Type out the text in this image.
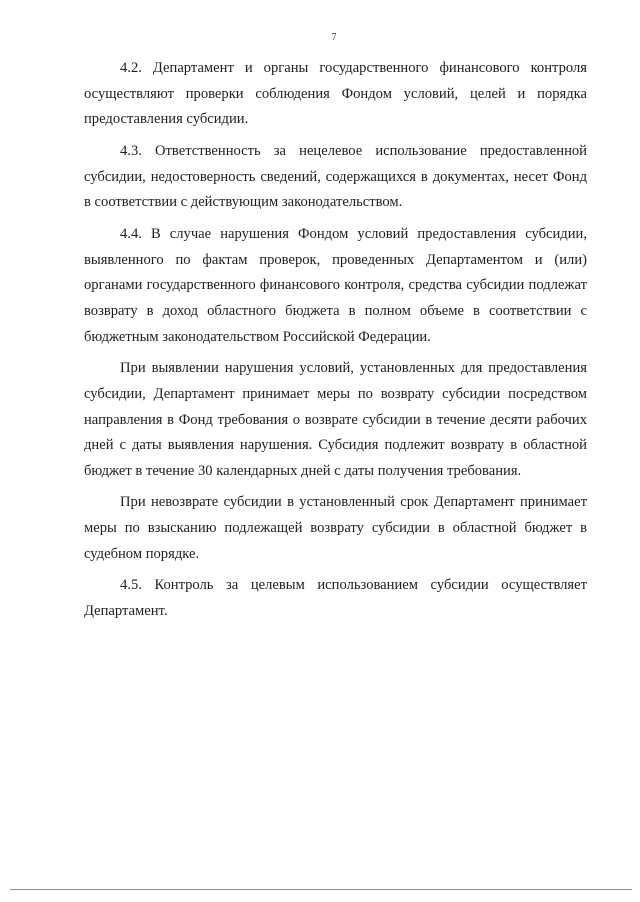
7

4.2. Департамент и органы государственного финансового контроля осуществляют проверки соблюдения Фондом условий, целей и порядка предоставления субсидии.

4.3. Ответственность за нецелевое использование предоставленной субсидии, недостоверность сведений, содержащихся в документах, несет Фонд в соответствии с действующим законодательством.

4.4. В случае нарушения Фондом условий предоставления субсидии, выявленного по фактам проверок, проведенных Департаментом и (или) органами государственного финансового контроля, средства субсидии подлежат возврату в доход областного бюджета в полном объеме в соответствии с бюджетным законодательством Российской Федерации.

При выявлении нарушения условий, установленных для предоставления субсидии, Департамент принимает меры по возврату субсидии посредством направления в Фонд требования о возврате субсидии в течение десяти рабочих дней с даты выявления нарушения. Субсидия подлежит возврату в областной бюджет в течение 30 календарных дней с даты получения требования.

При невозврате субсидии в установленный срок Департамент принимает меры по взысканию подлежащей возврату субсидии в областной бюджет в судебном порядке.

4.5. Контроль за целевым использованием субсидии осуществляет Департамент.
